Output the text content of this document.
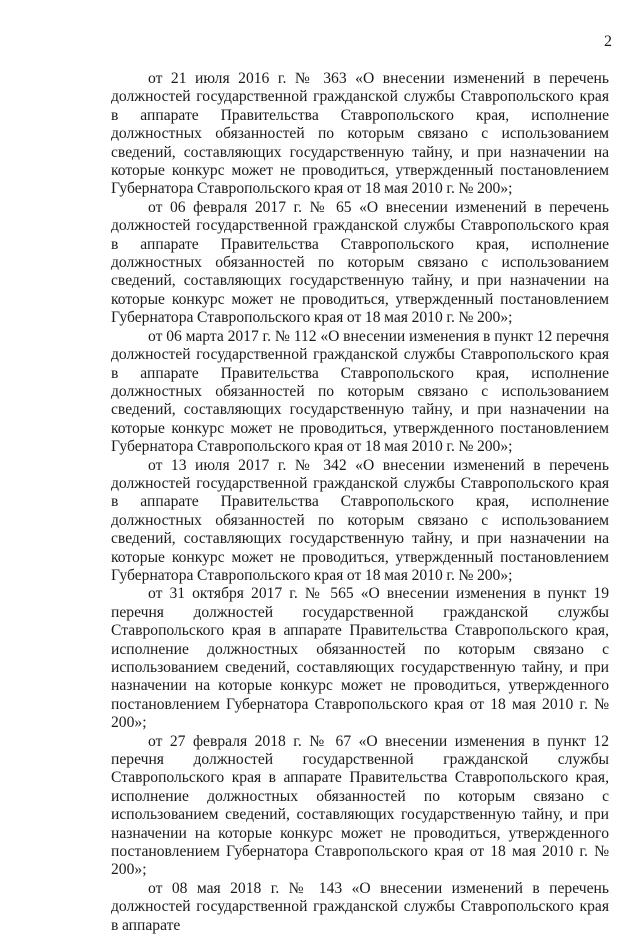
2

от 21 июля 2016 г. № 363 «О внесении изменений в перечень должностей государственной гражданской службы Ставропольского края в аппарате Правительства Ставропольского края, исполнение должностных обязанностей по которым связано с использованием сведений, составляющих государственную тайну, и при назначении на которые конкурс может не проводиться, утвержденный постановлением Губернатора Ставропольского края от 18 мая 2010 г. № 200»;

от 06 февраля 2017 г. № 65 «О внесении изменений в перечень должностей государственной гражданской службы Ставропольского края в аппарате Правительства Ставропольского края, исполнение должностных обязанностей по которым связано с использованием сведений, составляющих государственную тайну, и при назначении на которые конкурс может не проводиться, утвержденный постановлением Губернатора Ставропольского края от 18 мая 2010 г. № 200»;

от 06 марта 2017 г. № 112 «О внесении изменения в пункт 12 перечня должностей государственной гражданской службы Ставропольского края в аппарате Правительства Ставропольского края, исполнение должностных обязанностей по которым связано с использованием сведений, составляющих государственную тайну, и при назначении на которые конкурс может не проводиться, утвержденного постановлением Губернатора Ставропольского края от 18 мая 2010 г. № 200»;

от 13 июля 2017 г. № 342 «О внесении изменений в перечень должностей государственной гражданской службы Ставропольского края в аппарате Правительства Ставропольского края, исполнение должностных обязанностей по которым связано с использованием сведений, составляющих государственную тайну, и при назначении на которые конкурс может не проводиться, утвержденный постановлением Губернатора Ставропольского края от 18 мая 2010 г. № 200»;

от 31 октября 2017 г. № 565 «О внесении изменения в пункт 19 перечня должностей государственной гражданской службы Ставропольского края в аппарате Правительства Ставропольского края, исполнение должностных обязанностей по которым связано с использованием сведений, составляющих государственную тайну, и при назначении на которые конкурс может не проводиться, утвержденного постановлением Губернатора Ставропольского края от 18 мая 2010 г. № 200»;

от 27 февраля 2018 г. № 67 «О внесении изменения в пункт 12 перечня должностей государственной гражданской службы Ставропольского края в аппарате Правительства Ставропольского края, исполнение должностных обязанностей по которым связано с использованием сведений, составляющих государственную тайну, и при назначении на которые конкурс может не проводиться, утвержденного постановлением Губернатора Ставропольского края от 18 мая 2010 г. № 200»;

от 08 мая 2018 г. № 143 «О внесении изменений в перечень должностей государственной гражданской службы Ставропольского края в аппарате
